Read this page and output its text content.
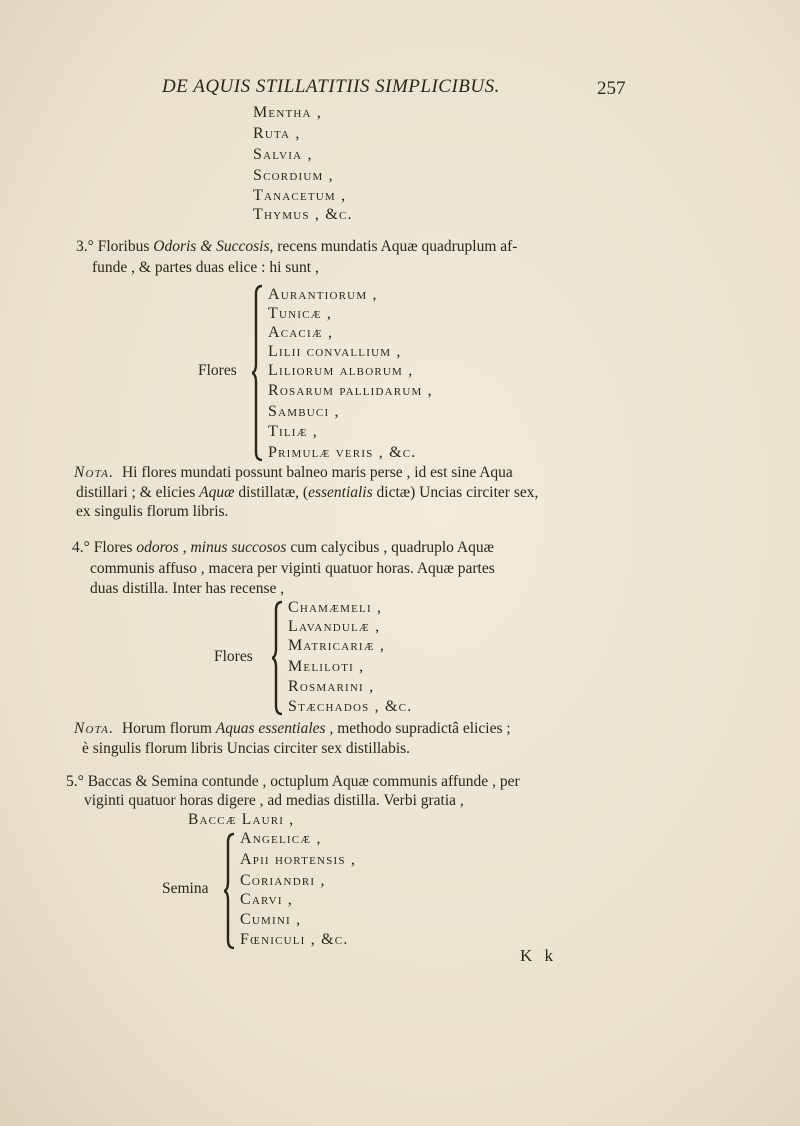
DE AQUIS STILLATITIIS SIMPLICIBUS.	257
Mentha ,
Ruta ,
Salvia ,
Scordium ,
Tanacetum ,
Thymus , &c.
3.° Floribus Odoris & Succosis, recens mundatis Aquæ quadruplum af-
funde , & partes duas elice : hi sunt ,
Flores
Aurantiorum ,
Tunicæ ,
Acaciæ ,
Lilii convallium ,
Liliorum alborum ,
Rosarum pallidarum ,
Sambuci ,
Tiliæ ,
Primulæ veris , &c.
Nota. Hi flores mundati possunt balneo maris perse , id est sine Aqua
distillari ; & elicies Aquæ distillatæ, (essentialis dictæ) Uncias circiter sex,
ex singulis florum libris.
4.° Flores odoros , minus succosos cum calycibus , quadruplo Aquæ
communis affuso , macera per viginti quatuor horas. Aquæ partes
duas distilla. Inter has recense ,
Flores
Chamæmeli ,
Lavandulæ ,
Matricariæ ,
Meliloti ,
Rosmarini ,
Stæchados , &c.
Nota. Horum florum Aquas essentiales , methodo supradictâ elicies ;
è singulis florum libris Uncias circiter sex distillabis.
5.° Baccas & Semina contunde , octuplum Aquæ communis affunde , per
viginti quatuor horas digere , ad medias distilla. Verbi gratia ,
Baccæ Lauri ,
Semina
Angelicæ ,
Apii hortensis ,
Coriandri ,
Carvi ,
Cumini ,
Fœniculi , &c.
K k
